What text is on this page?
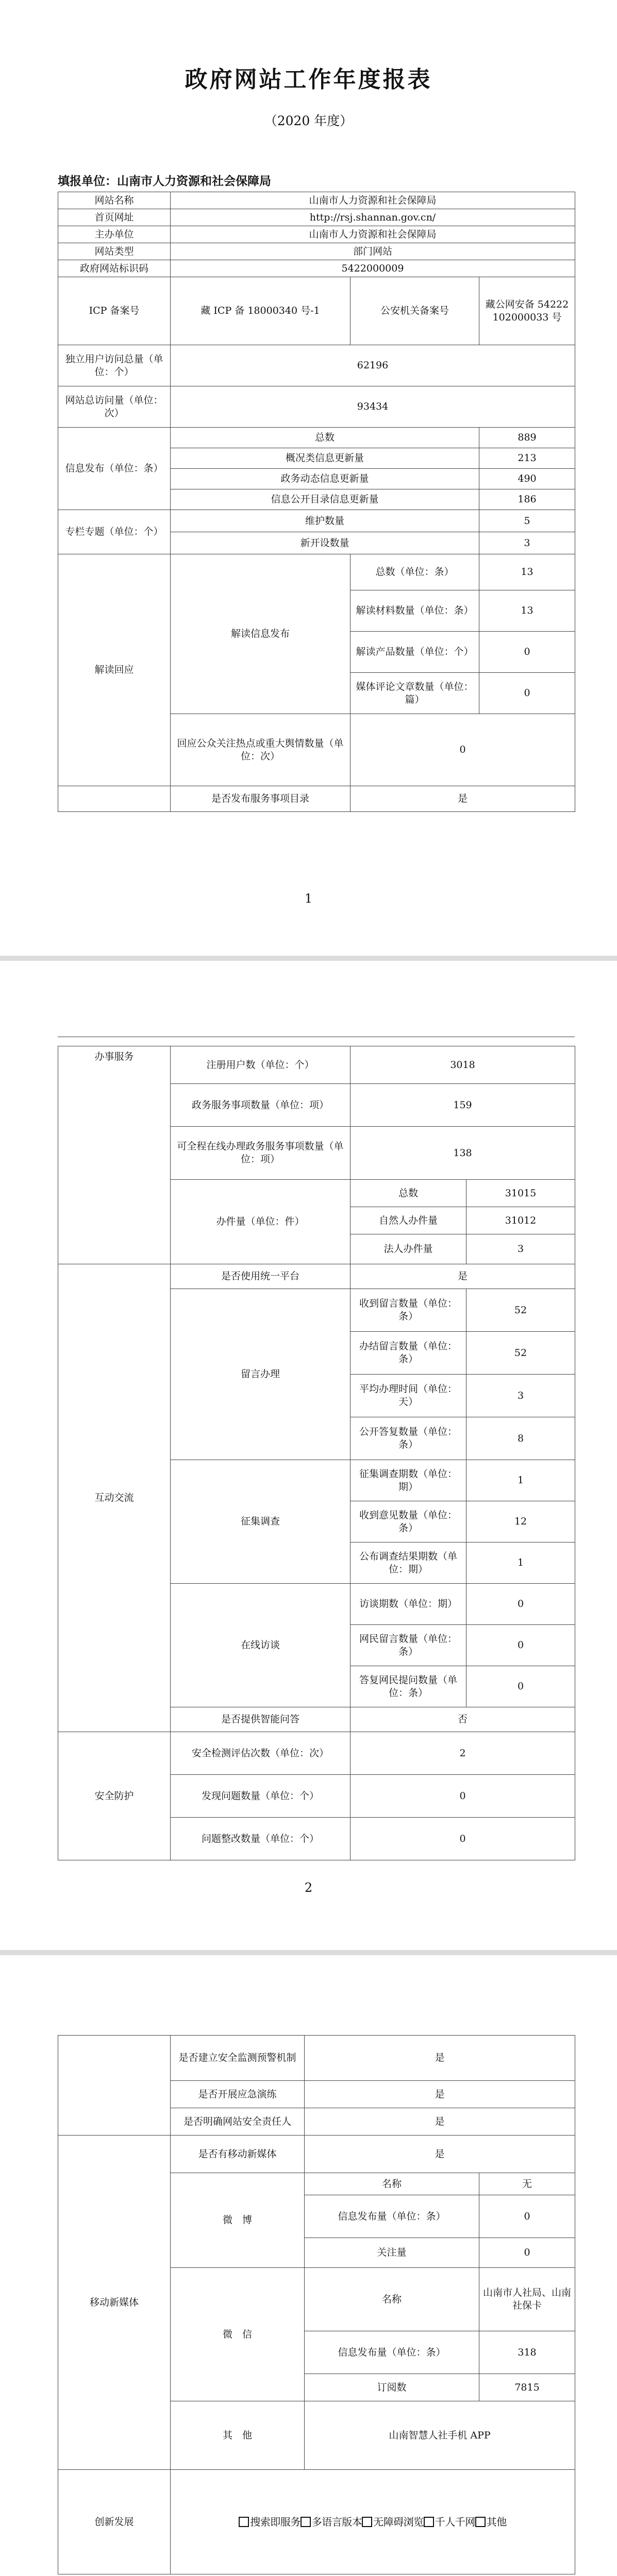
政府网站工作年度报表
（2020 年度）
填报单位：山南市人力资源和社会保障局
网站名称	山南市人力资源和社会保障局		
首页网址	http://rsj.shannan.gov.cn/		
主办单位	山南市人力资源和社会保障局		
网站类型	部门网站		
政府网站标识码	5422000009		
ICP 备案号	藏 ICP 备 18000340 号-1	公安机关备案号	藏公网安备 54222102000033 号
独立用户访问总量（单位：个）	62196		
网站总访问量（单位：次）	93434		
信息发布（单位：条）	总数		889
	概况类信息更新量		213
	政务动态信息更新量		490
	信息公开目录信息更新量		186
专栏专题（单位：个）	维护数量		5
	新开设数量		3
解读回应	解读信息发布	总数（单位：条）	13
		解读材料数量（单位：条）	13
		解读产品数量（单位：个）	0
		媒体评论文章数量（单位：篇）	0
	回应公众关注热点或重大舆情数量（单位：次）	0	
	是否发布服务事项目录	是	
1
办事服务	注册用户数（单位：个）	3018	
	政务服务事项数量（单位：项）	159	
	可全程在线办理政务服务事项数量（单位：项）	138	
	办件量（单位：件）	总数	31015
		自然人办件量	31012
		法人办件量	3
互动交流	是否使用统一平台	是	
	留言办理	收到留言数量（单位：条）	52
		办结留言数量（单位：条）	52
		平均办理时间（单位：天）	3
		公开答复数量（单位：条）	8
	征集调查	征集调查期数（单位：期）	1
		收到意见数量（单位：条）	12
		公布调查结果期数（单位：期）	1
	在线访谈	访谈期数（单位：期）	0
		网民留言数量（单位：条）	0
		答复网民提问数量（单位：条）	0
	是否提供智能问答	否	
安全防护	安全检测评估次数（单位：次）	2	
	发现问题数量（单位：个）	0	
	问题整改数量（单位：个）	0	
2
	是否建立安全监测预警机制	是	
	是否开展应急演练	是	
	是否明确网站安全责任人	是	
移动新媒体	是否有移动新媒体	是	
	微　博	名称	无
		信息发布量（单位：条）	0
		关注量	0
	微　信	名称	山南市人社局、山南社保卡
		信息发布量（单位：条）	318
		订阅数	7815
	其　他	山南智慧人社手机 APP	
创新发展	搜索即服务 多语言版本 无障碍浏览 千人千网 其他		
